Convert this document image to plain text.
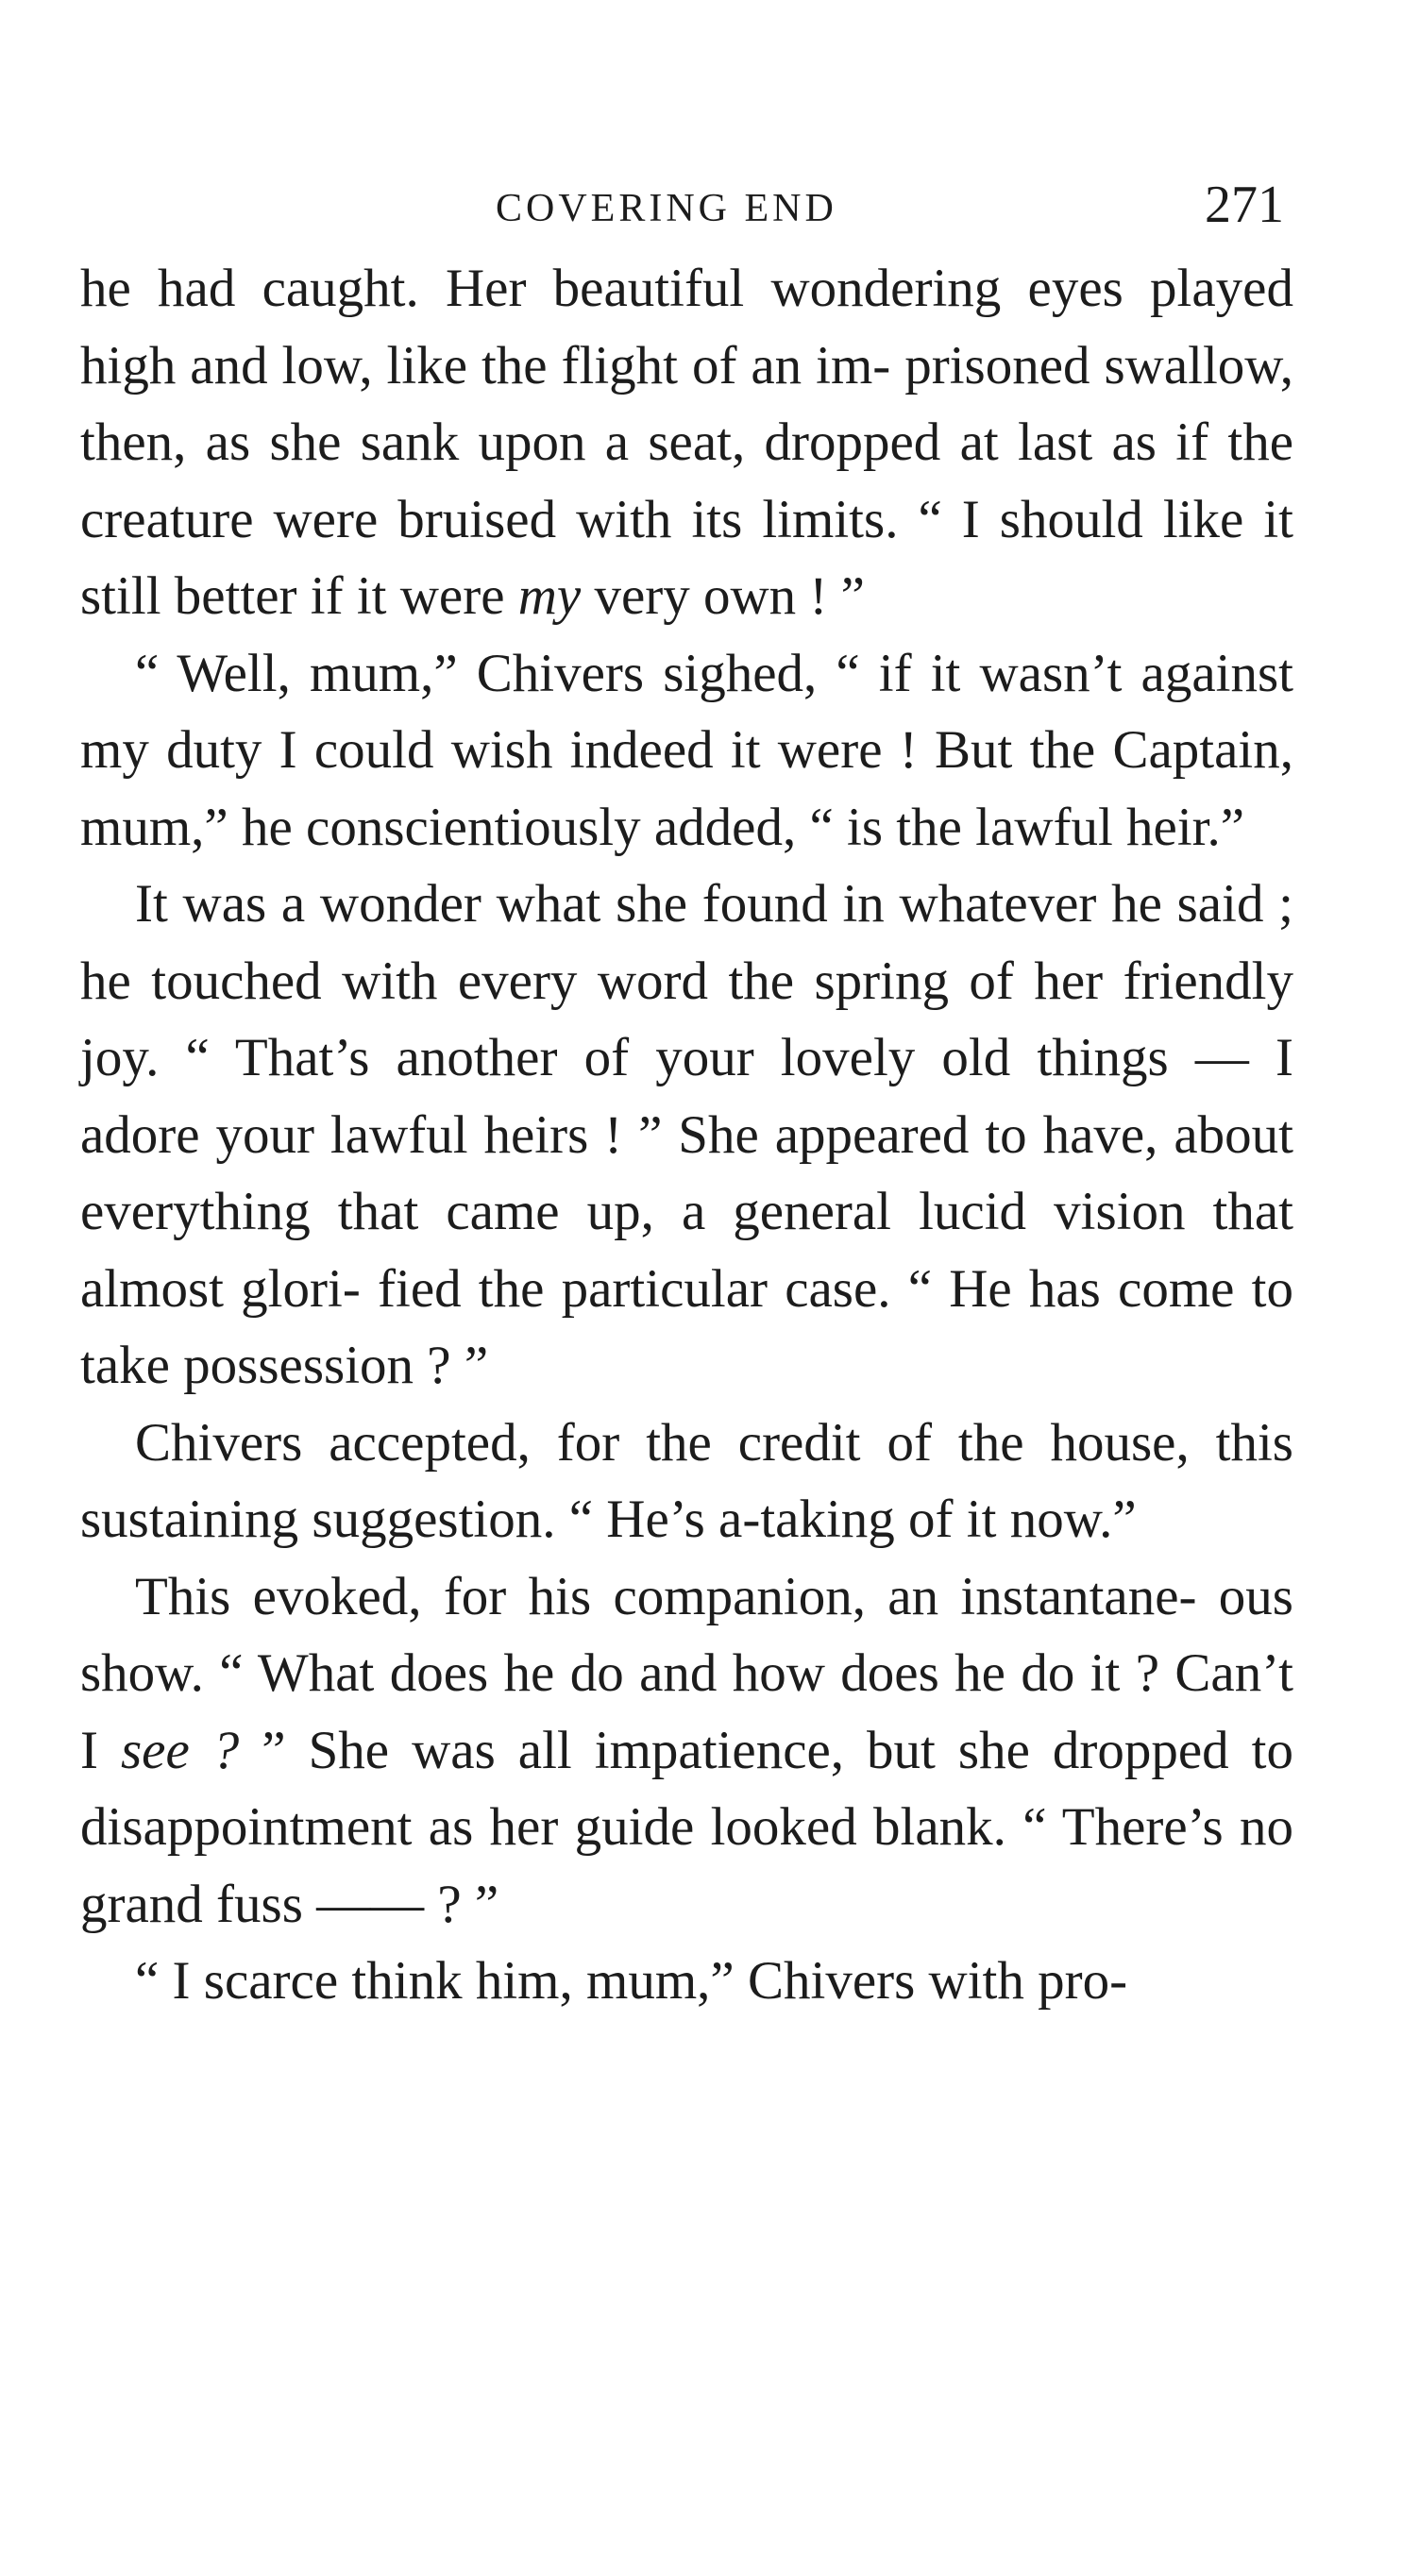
COVERING END	271

he had caught. Her beautiful wondering eyes played high and low, like the flight of an im- prisoned swallow, then, as she sank upon a seat, dropped at last as if the creature were bruised with its limits. “ I should like it still better if it were my very own ! ”

“ Well, mum,” Chivers sighed, “ if it wasn’t against my duty I could wish indeed it were ! But the Captain, mum,” he conscientiously added, “ is the lawful heir.”

It was a wonder what she found in whatever he said ; he touched with every word the spring of her friendly joy. “ That’s another of your lovely old things — I adore your lawful heirs ! ” She appeared to have, about everything that came up, a general lucid vision that almost glori- fied the particular case. “ He has come to take possession ? ”

Chivers accepted, for the credit of the house, this sustaining suggestion. “ He’s a-taking of it now.”

This evoked, for his companion, an instantane- ous show. “ What does he do and how does he do it ? Can’t I see ? ” She was all impatience, but she dropped to disappointment as her guide looked blank. “ There’s no grand fuss —— ? ”

“ I scarce think him, mum,” Chivers with pro-
